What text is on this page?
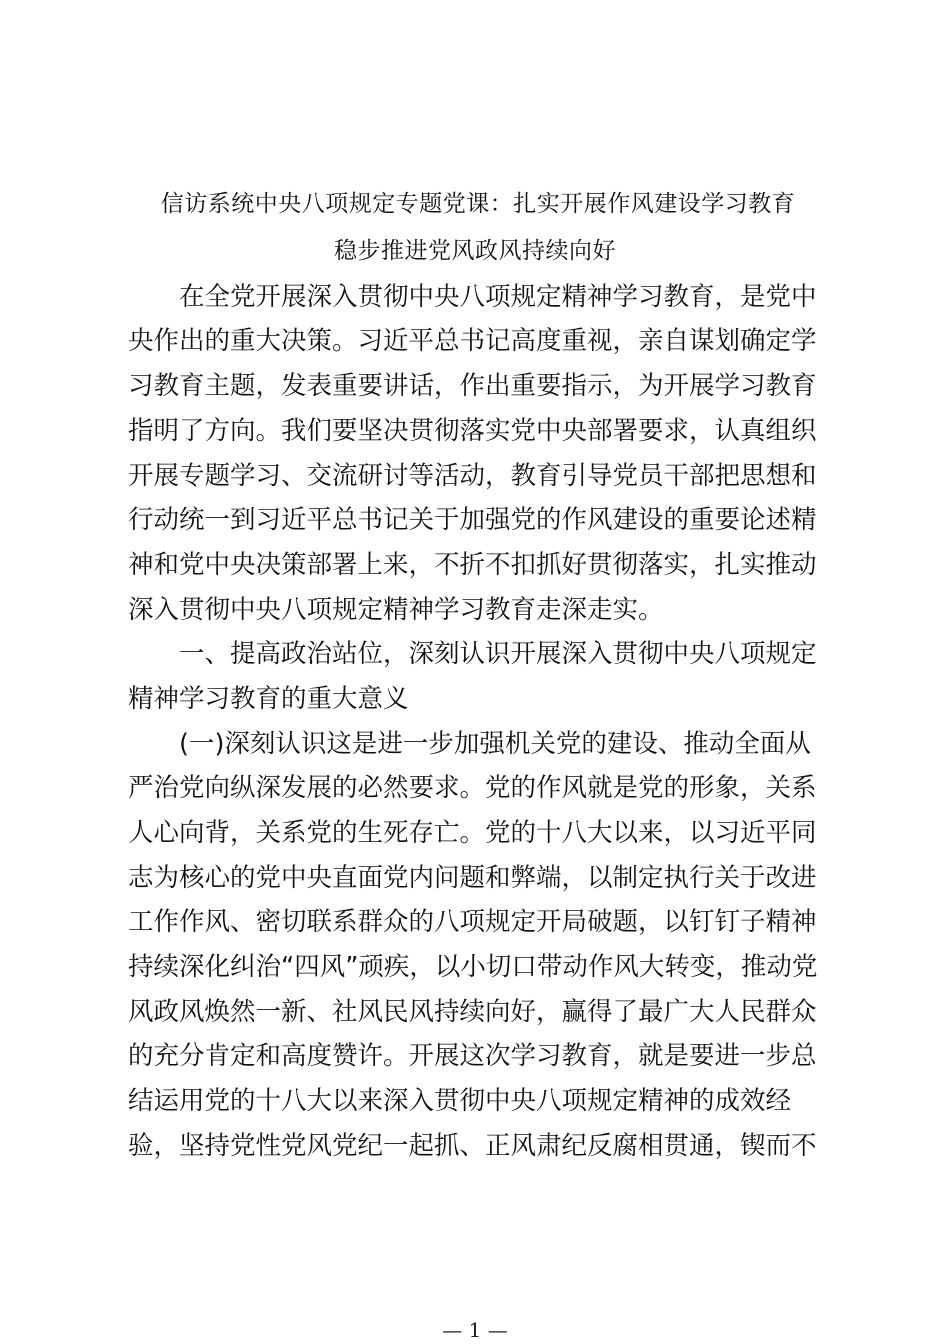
信访系统中央八项规定专题党课：扎实开展作风建设学习教育
稳步推进党风政风持续向好
在全党开展深入贯彻中央八项规定精神学习教育，是党中
央作出的重大决策。习近平总书记高度重视，亲自谋划确定学
习教育主题，发表重要讲话，作出重要指示，为开展学习教育
指明了方向。我们要坚决贯彻落实党中央部署要求，认真组织
开展专题学习、交流研讨等活动，教育引导党员干部把思想和
行动统一到习近平总书记关于加强党的作风建设的重要论述精
神和党中央决策部署上来，不折不扣抓好贯彻落实，扎实推动
深入贯彻中央八项规定精神学习教育走深走实。
一、提高政治站位，深刻认识开展深入贯彻中央八项规定
精神学习教育的重大意义
(一)深刻认识这是进一步加强机关党的建设、推动全面从
严治党向纵深发展的必然要求。党的作风就是党的形象，关系
人心向背，关系党的生死存亡。党的十八大以来，以习近平同
志为核心的党中央直面党内问题和弊端，以制定执行关于改进
工作作风、密切联系群众的八项规定开局破题，以钉钉子精神
持续深化纠治“四风”顽疾，以小切口带动作风大转变，推动党
风政风焕然一新、社风民风持续向好，赢得了最广大人民群众
的充分肯定和高度赞许。开展这次学习教育，就是要进一步总
结运用党的十八大以来深入贯彻中央八项规定精神的成效经
验，坚持党性党风党纪一起抓、正风肃纪反腐相贯通，锲而不
— 1 —
